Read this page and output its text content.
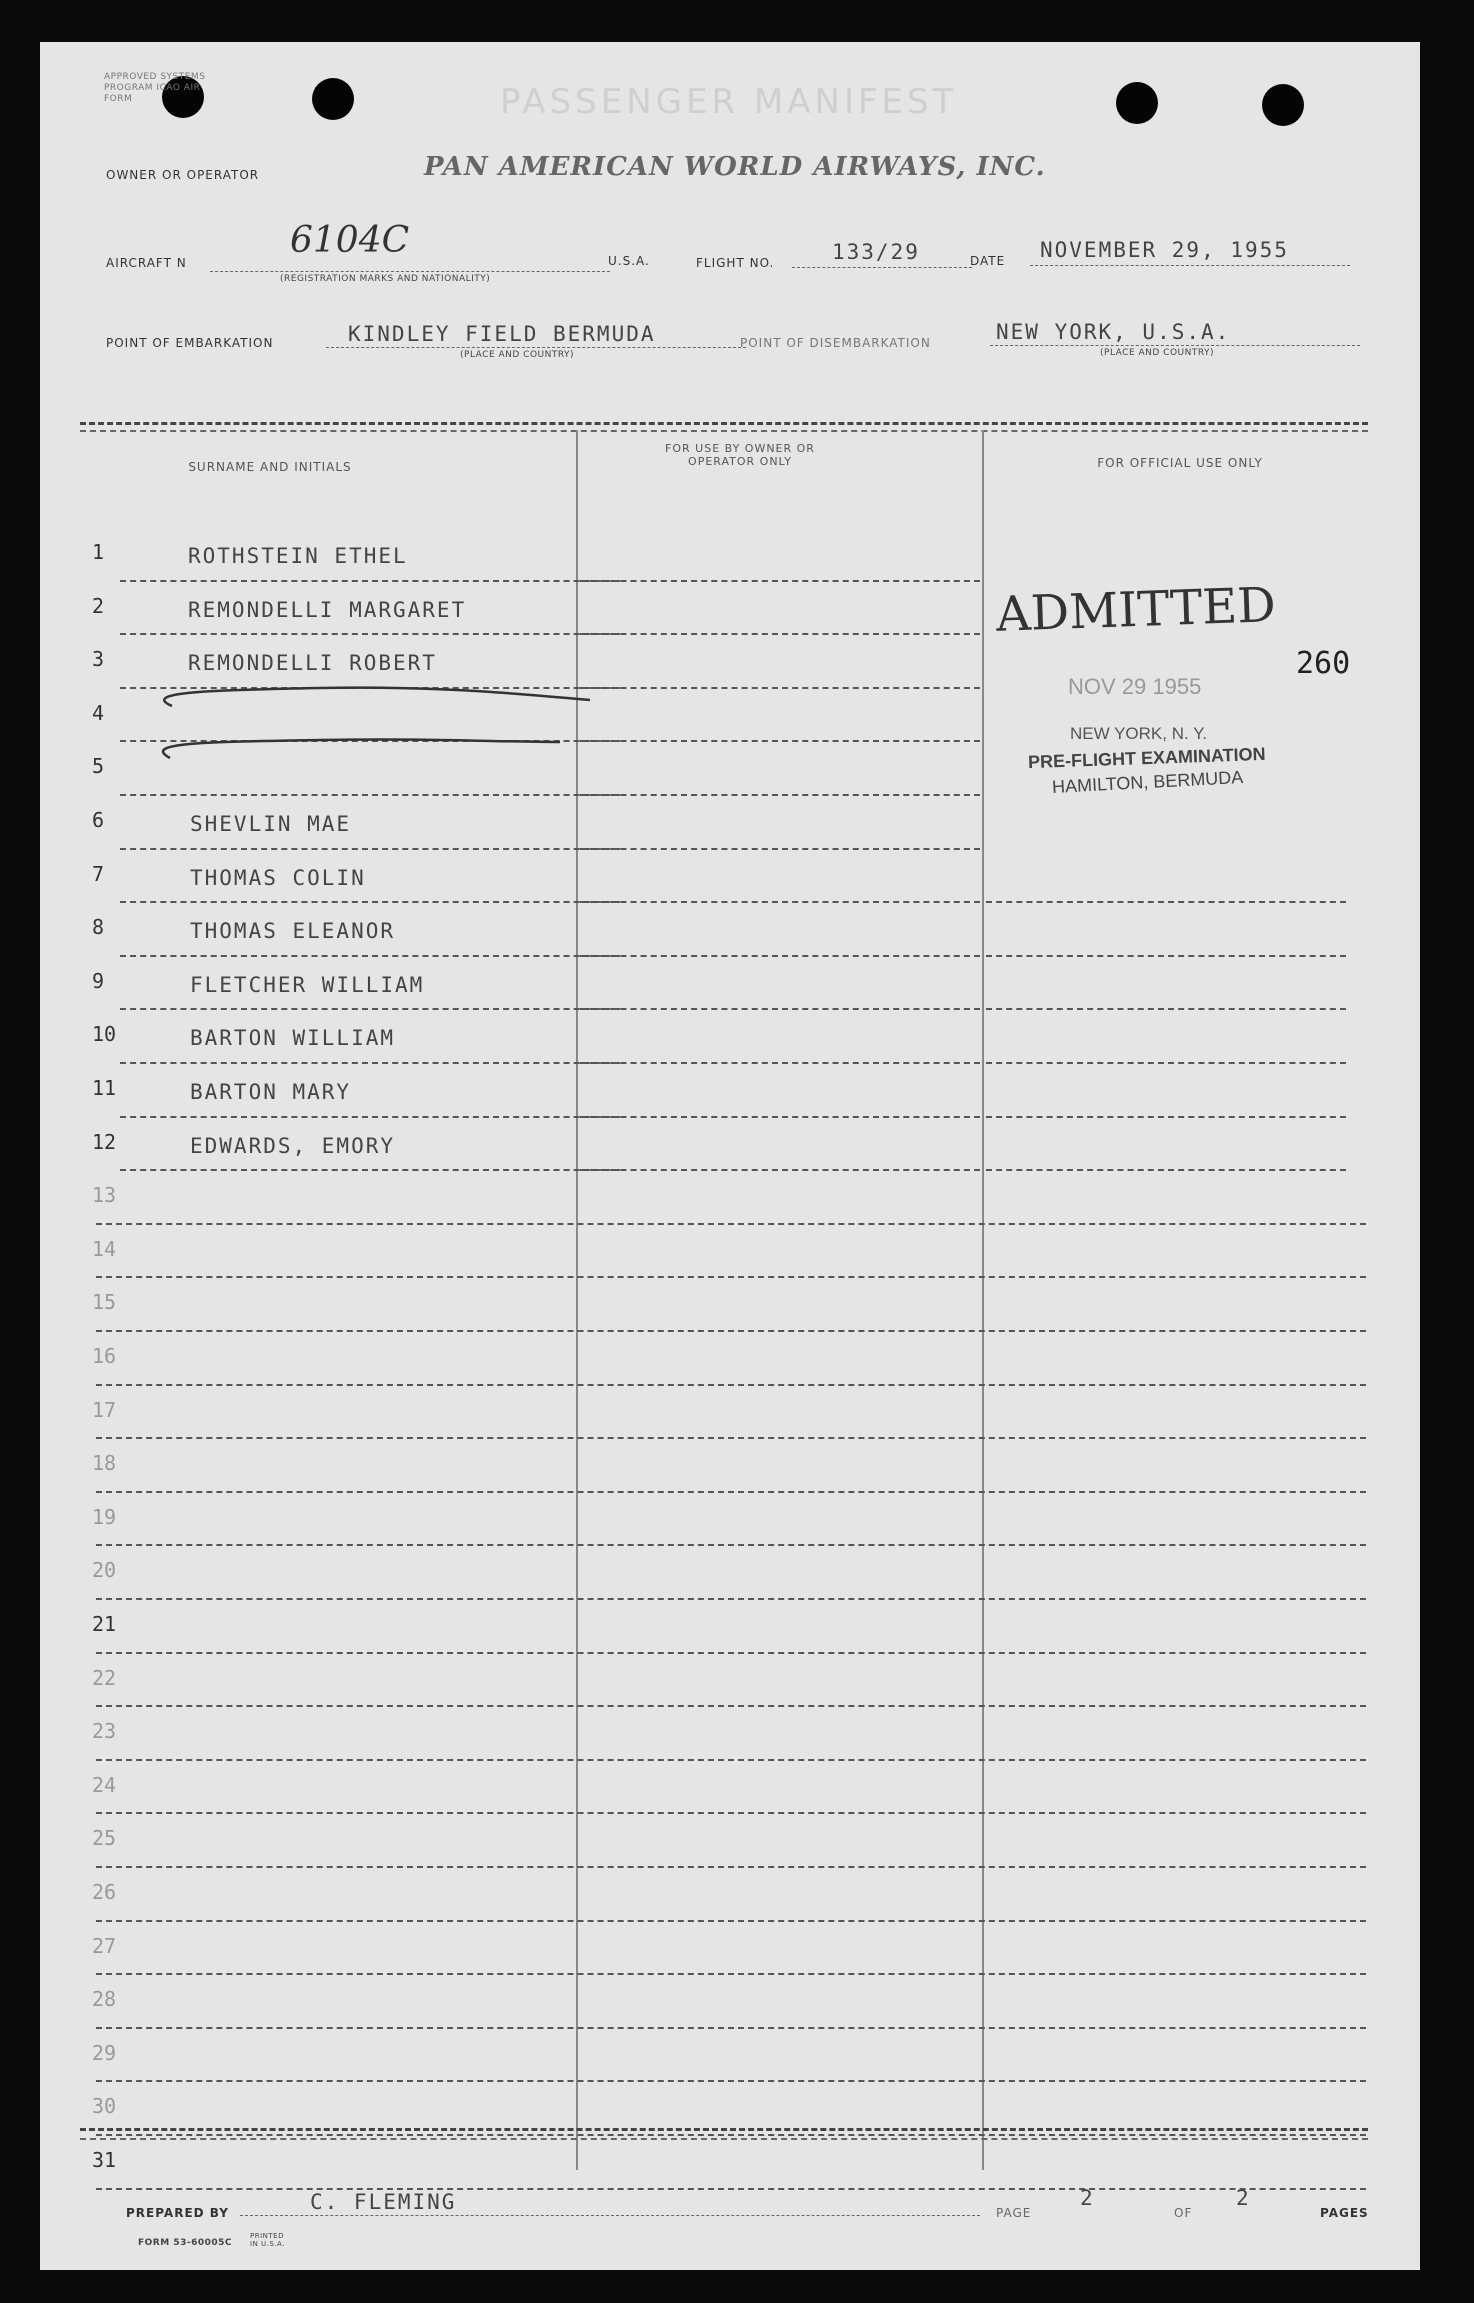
APPROVED SYSTEMS PROGRAM ICAO AIR FORM	PASSENGER MANIFEST
OWNER OR OPERATOR	PAN AMERICAN WORLD AIRWAYS, INC.
AIRCRAFT N
6104C
(REGISTRATION MARKS AND NATIONALITY)
U.S.A.	FLIGHT NO.	133/29	DATE NOVEMBER 29, 1955
POINT OF EMBARKATION	KINDLEY FIELD BERMUDA
(PLACE AND COUNTRY)
POINT OF DISEMBARKATION	NEW YORK, U.S.A.
(PLACE AND COUNTRY)
SURNAME AND INITIALS
FOR USE BY OWNER OR OPERATOR ONLY	FOR OFFICIAL USE ONLY
1	ROTHSTEIN ETHEL
2	REMONDELLI MARGARET
3	REMONDELLI ROBERT
4
5
6	SHEVLIN MAE
7	THOMAS COLIN
8	THOMAS ELEANOR
9	FLETCHER WILLIAM
10	BARTON WILLIAM
11	BARTON MARY
12	EDWARDS, EMORY
13
14
15
16
17
18
19
20
21
22
23
24
25
26
27
28
29
30
31
ADMITTED
NOV 29 1955
NEW YORK, N. Y.
PRE-FLIGHT EXAMINATION
HAMILTON, BERMUDA
260
PREPARED BY	C. FLEMING	PAGE
2
OF
2
PAGES
FORM 53-60005C
PRINTED IN U.S.A.
